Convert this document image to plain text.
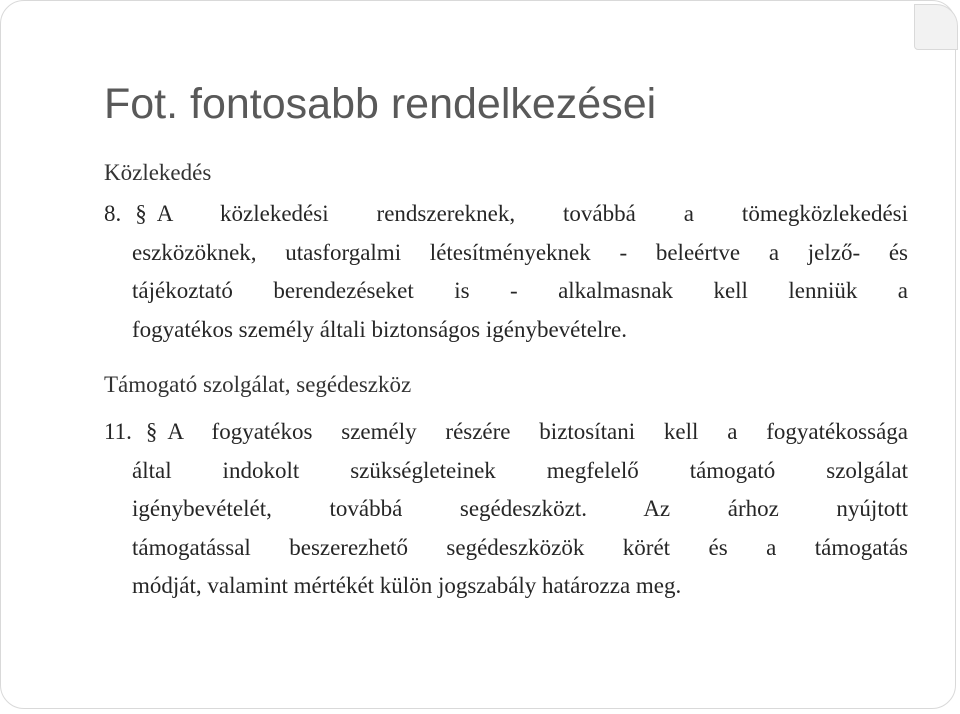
Fot. fontosabb rendelkezései
Közlekedés
8. § A közlekedési rendszereknek, továbbá a tömegközlekedési
eszközöknek, utasforgalmi létesítményeknek - beleértve a jelző- és
tájékoztató berendezéseket is - alkalmasnak kell lenniük a
fogyatékos személy általi biztonságos igénybevételre.
Támogató szolgálat, segédeszköz
11. § A fogyatékos személy részére biztosítani kell a fogyatékossága
által indokolt szükségleteinek megfelelő támogató szolgálat
igénybevételét, továbbá segédeszközt. Az árhoz nyújtott
támogatással beszerezhető segédeszközök körét és a támogatás
módját, valamint mértékét külön jogszabály határozza meg.
